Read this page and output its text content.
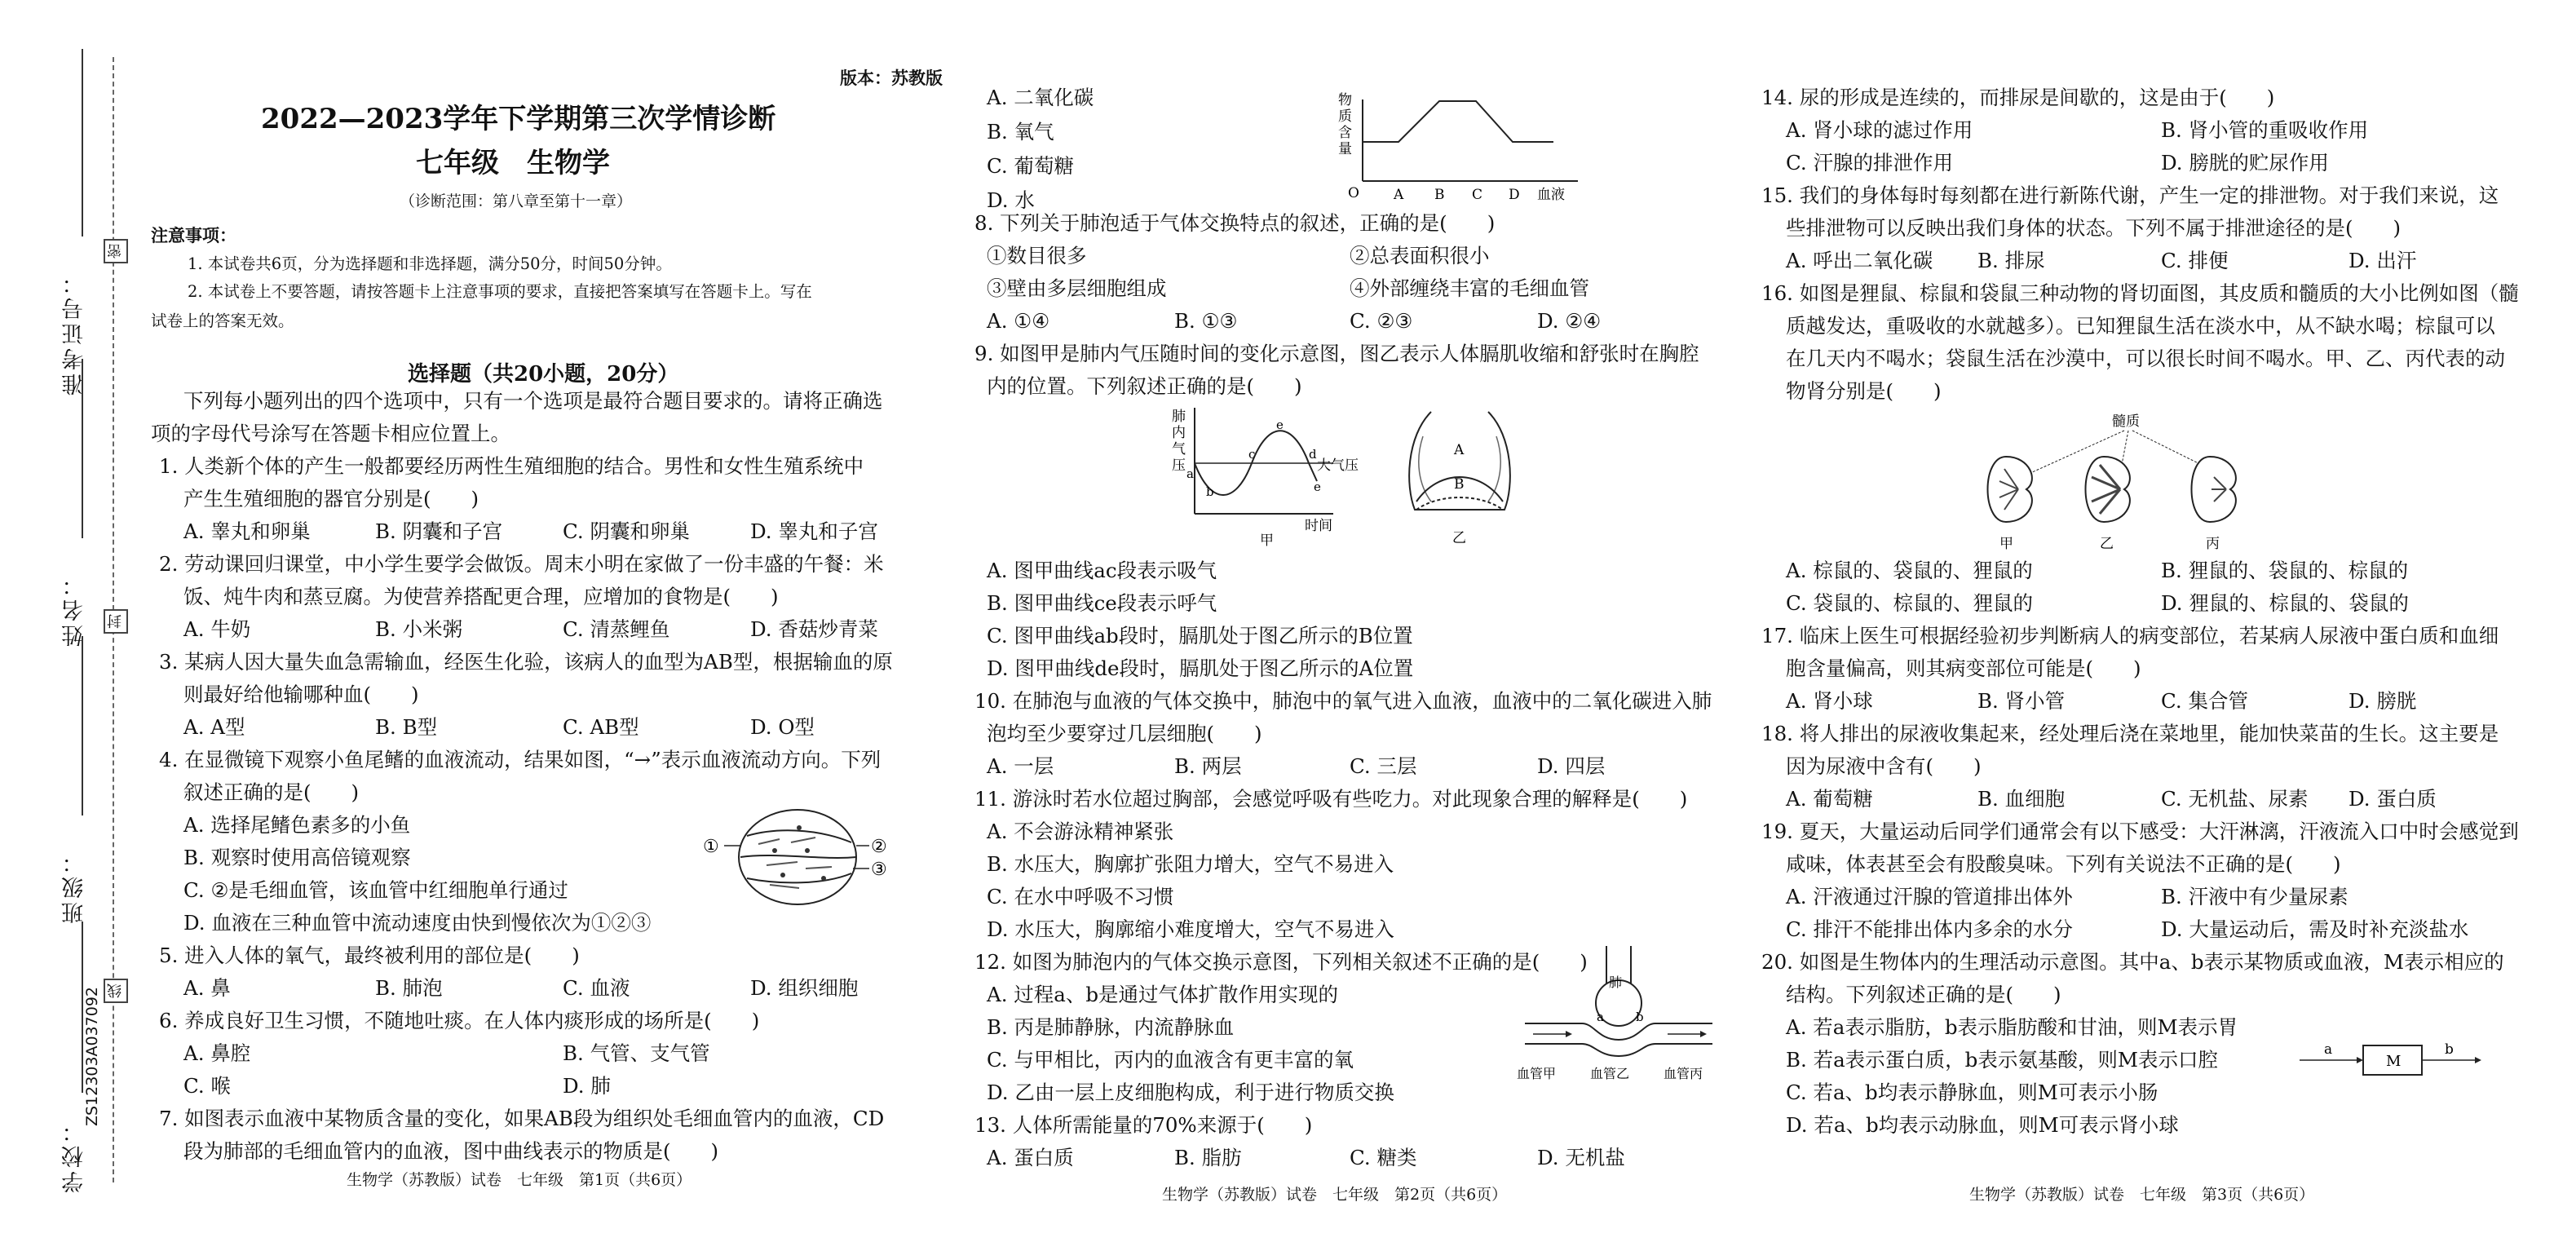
准考证号：
姓名：
班级：
学校：
密
封
线
ZS12303A037092
版本：苏教版
2022—2023学年下学期第三次学情诊断
七年级　生物学
（诊断范围：第八章至第十一章）
注意事项：
1. 本试卷共6页，分为选择题和非选择题，满分50分，时间50分钟。
2. 本试卷上不要答题，请按答题卡上注意事项的要求，直接把答案填写在答题卡上。写在
试卷上的答案无效。
选择题（共20小题，20分）
下列每小题列出的四个选项中，只有一个选项是最符合题目要求的。请将正确选
项的字母代号涂写在答题卡相应位置上。
1. 人类新个体的产生一般都要经历两性生殖细胞的结合。男性和女性生殖系统中
产生生殖细胞的器官分别是(　　)
A. 睾丸和卵巢	B. 阴囊和子宫	C. 阴囊和卵巢	D. 睾丸和子宫
2. 劳动课回归课堂，中小学生要学会做饭。周末小明在家做了一份丰盛的午餐：米
饭、炖牛肉和蒸豆腐。为使营养搭配更合理，应增加的食物是(　　)
A. 牛奶	B. 小米粥	C. 清蒸鲤鱼	D. 香菇炒青菜
3. 某病人因大量失血急需输血，经医生化验，该病人的血型为AB型，根据输血的原
则最好给他输哪种血(　　)
A. A型	B. B型	C. AB型	D. O型
4. 在显微镜下观察小鱼尾鳍的血液流动，结果如图，“→”表示血液流动方向。下列
叙述正确的是(　　)
A. 选择尾鳍色素多的小鱼
B. 观察时使用高倍镜观察
C. ②是毛细血管，该血管中红细胞单行通过
D. 血液在三种血管中流动速度由快到慢依次为①②③
①	②
③
5. 进入人体的氧气，最终被利用的部位是(　　)
A. 鼻	B. 肺泡	C. 血液	D. 组织细胞
6. 养成良好卫生习惯，不随地吐痰。在人体内痰形成的场所是(　　)
A. 鼻腔	B. 气管、支气管
C. 喉	D. 肺
7. 如图表示血液中某物质含量的变化，如果AB段为组织处毛细血管内的血液，CD
段为肺部的毛细血管内的血液，图中曲线表示的物质是(　　)
生物学（苏教版）试卷　七年级　第1页（共6页）
A. 二氧化碳
B. 氧气
C. 葡萄糖
D. 水
物
质
含
量
O A B C D 血液
8. 下列关于肺泡适于气体交换特点的叙述，正确的是(　　)
①数目很多	②总表面积很小
③壁由多层细胞组成	④外部缠绕丰富的毛细血管
A. ①④	B. ①③	C. ②③	D. ②④
9. 如图甲是肺内气压随时间的变化示意图，图乙表示人体膈肌收缩和舒张时在胸腔
内的位置。下列叙述正确的是(　　)
肺
内
气
压 a
b
c	d
e
e
大气压
时间
甲
A
B
乙
A. 图甲曲线ac段表示吸气
B. 图甲曲线ce段表示呼气
C. 图甲曲线ab段时，膈肌处于图乙所示的B位置
D. 图甲曲线de段时，膈肌处于图乙所示的A位置
10. 在肺泡与血液的气体交换中，肺泡中的氧气进入血液，血液中的二氧化碳进入肺
泡均至少要穿过几层细胞(　　)
A. 一层	B. 两层	C. 三层	D. 四层
11. 游泳时若水位超过胸部，会感觉呼吸有些吃力。对此现象合理的解释是(　　)
A. 不会游泳精神紧张
B. 水压大，胸廓扩张阻力增大，空气不易进入
C. 在水中呼吸不习惯
D. 水压大，胸廓缩小难度增大，空气不易进入
12. 如图为肺泡内的气体交换示意图，下列相关叙述不正确的是(　　)
A. 过程a、b是通过气体扩散作用实现的
B. 丙是肺静脉，内流静脉血
C. 与甲相比，丙内的血液含有更丰富的氧
D. 乙由一层上皮细胞构成，利于进行物质交换
肺
a	b
血管甲	血管乙	血管丙
13. 人体所需能量的70%来源于(　　)
A. 蛋白质	B. 脂肪	C. 糖类	D. 无机盐
生物学（苏教版）试卷　七年级　第2页（共6页）
14. 尿的形成是连续的，而排尿是间歇的，这是由于(　　)
A. 肾小球的滤过作用	B. 肾小管的重吸收作用
C. 汗腺的排泄作用	D. 膀胱的贮尿作用
15. 我们的身体每时每刻都在进行新陈代谢，产生一定的排泄物。对于我们来说，这
些排泄物可以反映出我们身体的状态。下列不属于排泄途径的是(　　)
A. 呼出二氧化碳 B. 排尿	C. 排便	D. 出汗
16. 如图是狸鼠、棕鼠和袋鼠三种动物的肾切面图，其皮质和髓质的大小比例如图（髓
质越发达，重吸收的水就越多）。已知狸鼠生活在淡水中，从不缺水喝；棕鼠可以
在几天内不喝水；袋鼠生活在沙漠中，可以很长时间不喝水。甲、乙、丙代表的动
物肾分别是(　　)
髓质
甲	乙	丙
A. 棕鼠的、袋鼠的、狸鼠的	B. 狸鼠的、袋鼠的、棕鼠的
C. 袋鼠的、棕鼠的、狸鼠的	D. 狸鼠的、棕鼠的、袋鼠的
17. 临床上医生可根据经验初步判断病人的病变部位，若某病人尿液中蛋白质和血细
胞含量偏高，则其病变部位可能是(　　)
A. 肾小球	B. 肾小管	C. 集合管	D. 膀胱
18. 将人排出的尿液收集起来，经处理后浇在菜地里，能加快菜苗的生长。这主要是
因为尿液中含有(　　)
A. 葡萄糖	B. 血细胞	C. 无机盐、尿素 D. 蛋白质
19. 夏天，大量运动后同学们通常会有以下感受：大汗淋漓，汗液流入口中时会感觉到
咸味，体表甚至会有股酸臭味。下列有关说法不正确的是(　　)
A. 汗液通过汗腺的管道排出体外	B. 汗液中有少量尿素
C. 排汗不能排出体内多余的水分	D. 大量运动后，需及时补充淡盐水
20. 如图是生物体内的生理活动示意图。其中a、b表示某物质或血液，M表示相应的
结构。下列叙述正确的是(　　)
A. 若a表示脂肪，b表示脂肪酸和甘油，则M表示胃
B. 若a表示蛋白质，b表示氨基酸，则M表示口腔
C. 若a、b均表示静脉血，则M可表示小肠
D. 若a、b均表示动脉血，则M可表示肾小球
a
M
b
生物学（苏教版）试卷　七年级　第3页（共6页）
